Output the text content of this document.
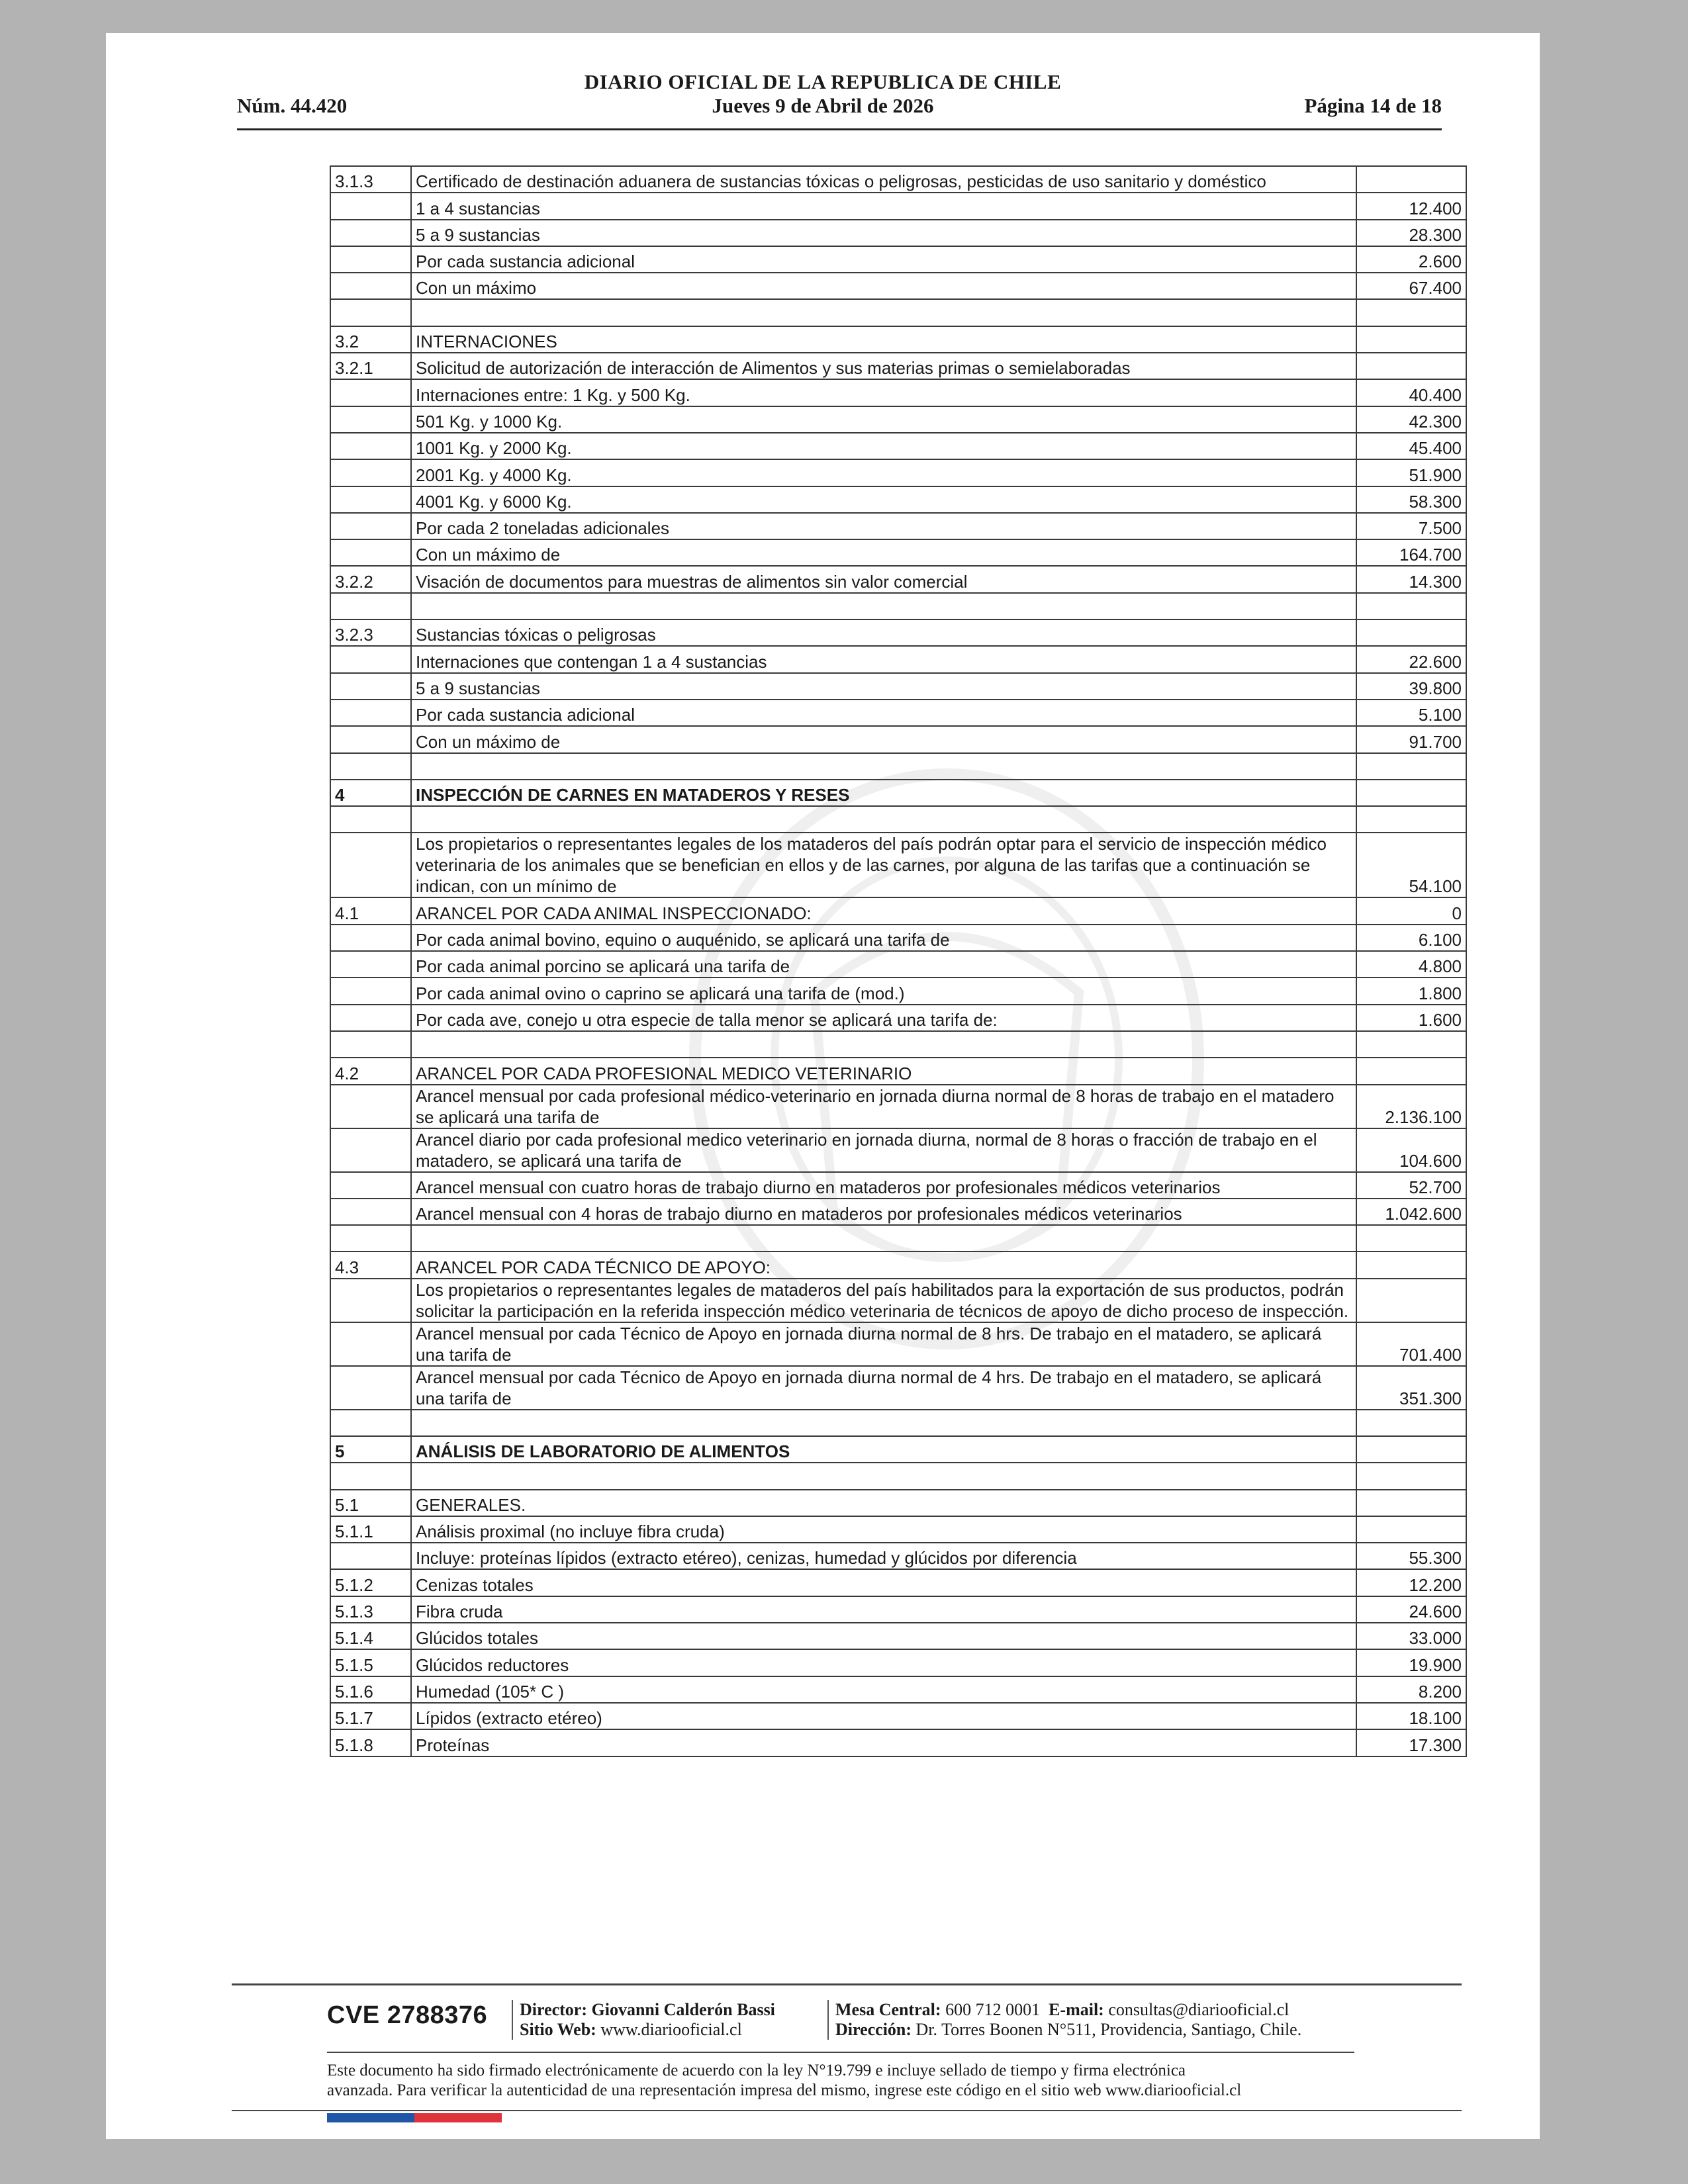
DIARIO OFICIAL DE LA REPUBLICA DE CHILE
Jueves 9 de Abril de 2026
Núm. 44.420	Página 14 de 18
3.1.3	Certificado de destinación aduanera de sustancias tóxicas o peligrosas, pesticidas de uso sanitario y doméstico	
	1 a 4 sustancias	12.400
	5 a 9 sustancias	28.300
	Por cada sustancia adicional	2.600
	Con un máximo	67.400

3.2	INTERNACIONES	
3.2.1	Solicitud de autorización de interacción de Alimentos y sus materias primas o semielaboradas	
	Internaciones entre: 1 Kg. y 500 Kg.	40.400
	501 Kg. y 1000 Kg.	42.300
	1001 Kg. y 2000 Kg.	45.400
	2001 Kg. y 4000 Kg.	51.900
	4001 Kg. y 6000 Kg.	58.300
	Por cada 2 toneladas adicionales	7.500
	Con un máximo de	164.700
3.2.2	Visación de documentos para muestras de alimentos sin valor comercial	14.300

3.2.3	Sustancias tóxicas o peligrosas	
	Internaciones que contengan 1 a 4 sustancias	22.600
	5 a 9 sustancias	39.800
	Por cada sustancia adicional	5.100
	Con un máximo de	91.700

4	INSPECCIÓN DE CARNES EN MATADEROS Y RESES	

	Los propietarios o representantes legales de los mataderos del país podrán optar para el servicio de inspección médico veterinaria de los animales que se benefician en ellos y de las carnes, por alguna de las tarifas que a continuación se indican, con un mínimo de	54.100
4.1	ARANCEL POR CADA ANIMAL INSPECCIONADO:	0
	Por cada animal bovino, equino o auquénido, se aplicará una tarifa de	6.100
	Por cada animal porcino se aplicará una tarifa de	4.800
	Por cada animal ovino o caprino se aplicará una tarifa de (mod.)	1.800
	Por cada ave, conejo u otra especie de talla menor se aplicará una tarifa de:	1.600

4.2	ARANCEL POR CADA PROFESIONAL MEDICO VETERINARIO	
	Arancel mensual por cada profesional médico-veterinario en jornada diurna normal de 8 horas de trabajo en el matadero se aplicará una tarifa de	2.136.100
	Arancel diario por cada profesional medico veterinario en jornada diurna, normal de 8 horas o fracción de trabajo en el matadero, se aplicará una tarifa de	104.600
	Arancel mensual con cuatro horas de trabajo diurno en mataderos por profesionales médicos veterinarios	52.700
	Arancel mensual con 4 horas de trabajo diurno en mataderos por profesionales médicos veterinarios	1.042.600

4.3	ARANCEL POR CADA TÉCNICO DE APOYO:	
	Los propietarios o representantes legales de mataderos del país habilitados para la exportación de sus productos, podrán solicitar la participación en la referida inspección médico veterinaria de técnicos de apoyo de dicho proceso de inspección.	
	Arancel mensual por cada Técnico de Apoyo en jornada diurna normal de 8 hrs. De trabajo en el matadero, se aplicará una tarifa de	701.400
	Arancel mensual por cada Técnico de Apoyo en jornada diurna normal de 4 hrs. De trabajo en el matadero, se aplicará una tarifa de	351.300

5	ANÁLISIS DE LABORATORIO DE ALIMENTOS	

5.1	GENERALES.	
5.1.1	Análisis proximal (no incluye fibra cruda)	
	Incluye: proteínas lípidos (extracto etéreo), cenizas, humedad y glúcidos por diferencia	55.300
5.1.2	Cenizas totales	12.200
5.1.3	Fibra cruda	24.600
5.1.4	Glúcidos totales	33.000
5.1.5	Glúcidos reductores	19.900
5.1.6	Humedad (105* C )	8.200
5.1.7	Lípidos (extracto etéreo)	18.100
5.1.8	Proteínas	17.300
CVE 2788376 Director: Giovanni Calderón Bassi
Sitio Web: www.diariooficial.cl
Mesa Central: 600 712 0001 E-mail: consultas@diariooficial.cl
Dirección: Dr. Torres Boonen N°511, Providencia, Santiago, Chile.
Este documento ha sido firmado electrónicamente de acuerdo con la ley N°19.799 e incluye sellado de tiempo y firma electrónica
avanzada. Para verificar la autenticidad de una representación impresa del mismo, ingrese este código en el sitio web www.diariooficial.cl
